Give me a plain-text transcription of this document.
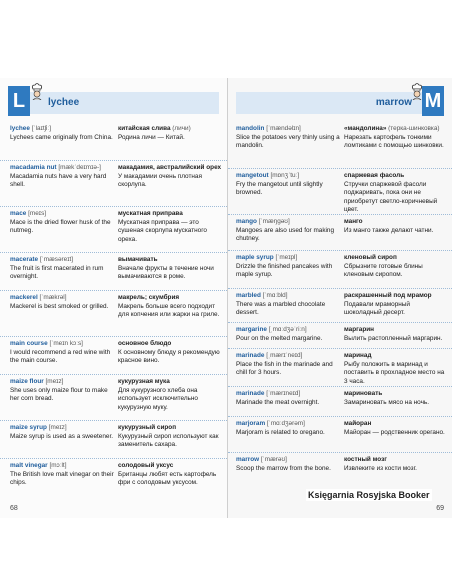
L	lychee
lychee [ˈlaɪtʃiː]
Lychees came originally from China.
китайская слива (личи)
Родина личи — Китай.
macadamia nut [mækˈdeɪmɪə-]
Macadamia nuts have a very hard shell.
макадамия, австралийский орех
У макадамии очень плотная скорлупа.
mace [meɪs]
Mace is the dried flower husk of the nutmeg.
мускатная приправа
Мускатная приправа — это сушеная скорлупа мускатного ореха.
macerate [ˈmæsəreɪt]
The fruit is first macerated in rum overnight.
вымачивать
Вначале фрукты в течение ночи вымачиваются в роме.
mackerel [ˈmækrəl]
Mackerel is best smoked or grilled.
макрель; скумбрия
Макрель больше всего подходит для копчения или жарки на гриле.
main course [ˈmeɪn kɔːs]
I would recommend a red wine with the main course.
основное блюдо
К основному блюду я рекомендую красное вино.
maize flour [meɪz]
She uses only maize flour to make her corn bread.
кукурузная мука
Для кукурузного хлеба она использует исключительно кукурузную муку.
maize syrup [meɪz]
Maize syrup is used as a sweetener.
кукурузный сироп
Кукурузный сироп используют как заменитель сахара.
malt vinegar [mɔːlt]
The British love malt vinegar on their chips.
солодовый уксус
Британцы любят есть картофель фри с солодовым уксусом.
68
M
marrow
mandolin [ˈmændəlɪn]
Slice the potatoes very thinly using a mandolin.
«мандолина» (терка-шинковка)
Нарезать картофель тонкими ломтиками с помощью шинковки.
mangetout [mɒnʒˈtuː]
Fry the mangetout until slightly browned.
спаржевая фасоль
Стручки спаржевой фасоли поджаривать, пока они не приобретут светло-коричневый цвет.
mango [ˈmæŋgəʊ]
Mangoes are also used for making chutney.
манго
Из манго также делают чатни.
maple syrup [ˈmeɪpl]
Drizzle the finished pancakes with maple syrup.
кленовый сироп
Сбрызните готовые блины кленовым сиропом.
marbled [ˈmɑːbld]
There was a marbled chocolate dessert.
раскрашенный под мрамор
Подавали мраморный шоколадный десерт.
margarine [ˌmɑːdʒəˈriːn]
Pour on the melted margarine.
маргарин
Вылить растопленный маргарин.
marinade [ˌmærɪˈneɪd]
Place the fish in the marinade and chill for 3 hours.
маринад
Рыбу положить в маринад и поставить в прохладное место на 3 часа.
marinade [ˈmærɪneɪd]
Marinade the meat overnight.
мариновать
Замариновать мясо на ночь.
marjoram [ˈmɑːdʒərəm]
Marjoram is related to oregano.
майоран
Майоран — родственник орегано.
marrow [ˈmærəʊ]
Scoop the marrow from the bone.
костный мозг
Извлеките из кости мозг.
69
Księgarnia Rosyjska Booker
